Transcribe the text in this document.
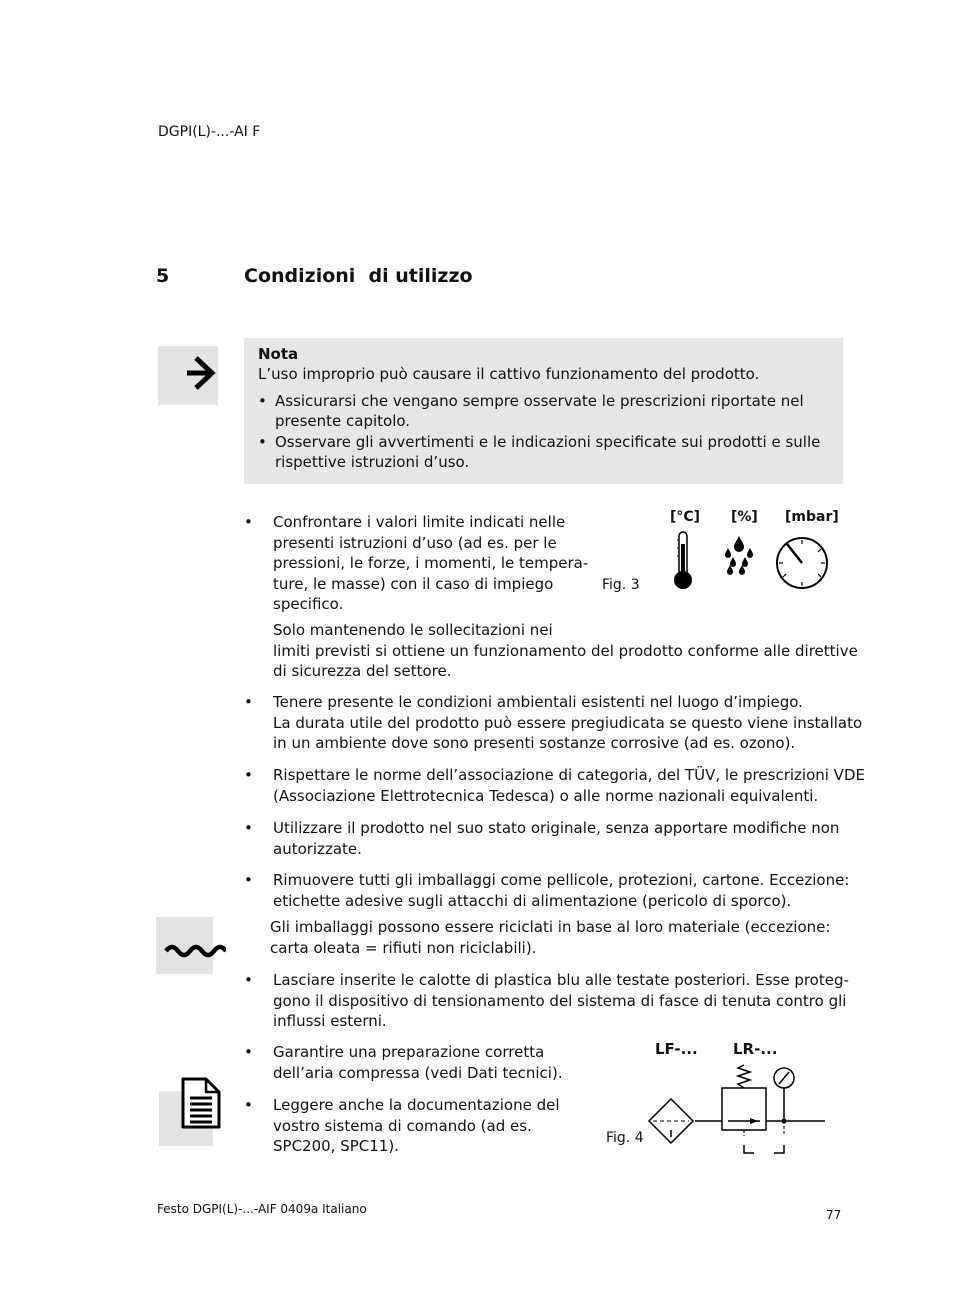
DGPI(L)-...-AI F
5	Condizioni  di utilizzo
Nota
L’uso improprio può causare il cattivo funzionamento del prodotto.
• Assicurarsi che vengano sempre osservate le prescrizioni riportate nel
presente capitolo.
• Osservare gli avvertimenti e le indicazioni specificate sui prodotti e sulle
rispettive istruzioni d’uso.
• Confrontare i valori limite indicati nelle
presenti istruzioni d’uso (ad es. per le
pressioni, le forze, i momenti, le tempera-
ture, le masse) con il caso di impiego
specifico.
Solo mantenendo le sollecitazioni nei
limiti previsti si ottiene un funzionamento del prodotto conforme alle direttive
di sicurezza del settore.
Fig. 3
[°C] [%] [mbar]
• Tenere presente le condizioni ambientali esistenti nel luogo d’impiego.
La durata utile del prodotto può essere pregiudicata se questo viene installato
in un ambiente dove sono presenti sostanze corrosive (ad es. ozono).
• Rispettare le norme dell’associazione di categoria, del TÜV, le prescrizioni VDE
(Associazione Elettrotecnica Tedesca) o alle norme nazionali equivalenti.
• Utilizzare il prodotto nel suo stato originale, senza apportare modifiche non
autorizzate.
• Rimuovere tutti gli imballaggi come pellicole, protezioni, cartone. Eccezione:
etichette adesive sugli attacchi di alimentazione (pericolo di sporco).
Gli imballaggi possono essere riciclati in base al loro materiale (eccezione:
carta oleata = rifiuti non riciclabili).
• Lasciare inserite le calotte di plastica blu alle testate posteriori. Esse proteg-
gono il dispositivo di tensionamento del sistema di fasce di tenuta contro gli
influssi esterni.
• Garantire una preparazione corretta
dell’aria compressa (vedi Dati tecnici).
• Leggere anche la documentazione del
vostro sistema di comando (ad es.
SPC200, SPC11).	Fig. 4
LF-... LR-...
Festo DGPI(L)-...-AIF 0409a Italiano	77
